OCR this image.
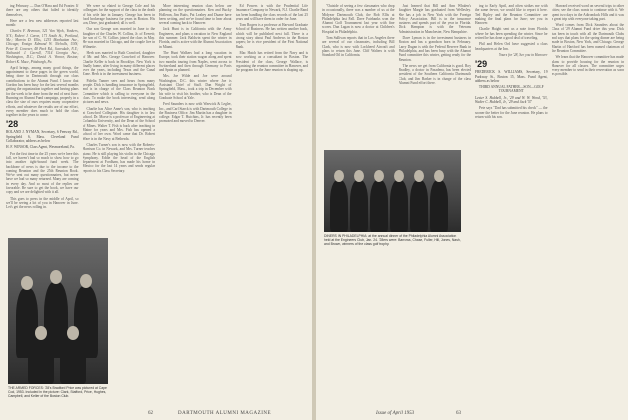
ing February — Dan O'Hara and Ed Frazier. If there are any others that failed to identify themselves,

Here are a few new addresses reported last month:

Charles F. Brennan, 321 Van Wyck, Yonkers, N.Y.; Robert J. Caron, 171 South St., Portland, Me.; Marvin D. Ellis, 1235 Manhattan Ave., Chicago; Ensign Edmund W. Nicholls, USN; Peter R. Conover, 48 Park Rd., Scarsdale, N.Y.; Nathaniel J. Carroll, 7314 Georgia Ave., Washington, D.C.; David A. Vinnor, Boston; Robert K. Mace, Pittsburgh, Pa.

April brings, among many good things, the appointment to these pages in the green world, being done in Dartmouth through our class contributions to the Alumni Fund. I know that Gordon has been busy for the last several months getting the organization together and having plans for the week to be done from the end of next June. Running on Alumni Fund campaign, properly in a class the size of ours requires many cooperative efforts, and whatever the results are of our effort, every member does much to hold the class together in the years to come.

'28
ROLAND J. NYMAN, Secretary, 6 Fenway Rd., Springfield 6, Mass. Cleveland Fund Collaborator, address as below
H. F. WINSOR, Class Agent, Wesmoreland, Pa.

For the first time in the 25 years we're here this fall, we haven't had so much to show how to go into another tight-bound fund week. The backbone of news is due to the income to the coming Reunion and the 25th Reunion Book. We've sent out many questionnaires, but never have we had so many returned. Many are coming in every day. And so most of the replies are favorable. Be sure to get the book, we have our copy and we are delighted with it all.

This goes to press in the middle of April, so we'll be seeing a lot of you in Hanover in June. Let's get the news rolling in.

We were so elated to George Cole and his colleagues for the support of the class in the death of his wife late in January. George has been in food brokerage business for years in Boston. His son, Dave, just graduated; all is well.

Our son George was married in June to the daughter of the Charles W. Collins, Jr. of Everett; the son of C. W. Collins joined the class in May. He was married in Chicago, and the couple live in Wilmette.

Herb was married to Ruth Crawford, daughter of Mr. and Mrs. George Crawford of Hanover. Charlie Keller is back in Brooklyn. New York is finally home, after living in many different places over the years, including Texas and the Canal Zone. Herb is in the investment business.

Fidelia Tanner sees and hears from many people. Dick is handling insurance in Springfield, and is in charge of the Class Reunion Book Committee which is calling to everyone in the class. To make the book interesting, send along pictures and news.

Charlie has Alice Anne's son, who is teaching at Crawford Collegiate. His daughter is in law school. Dr. Morse is a professor of Engineering at Columbia University, and the Dean of the School of Mines. Walter T. Fish is back after teaching in Maine for years and Mrs. Fish has opened a school of her own. Word came that Dr. Robert Ware is in the Navy at Bethesda.

Charles Turner's son is now with the Roberts-Harrison Co. in Newark, and Mrs. Turner teaches piano. He is still playing his violin in the Chicago Symphony. Eddie the head of the English department at Fordham, has made his home in Mexico for the last 14 years and sends regular reports to his Class Secretary.

More interesting reunion class below are planning on the questionnaires. Ken and Bucky Holleran, Jim Butts, Pat Leahey and Duane have been writing, and we've found time to hear about several coming back to Hanover.

Jack Hunt is in California with the Army Engineers, and plans a vacation in New England this summer. Jack Baldwin spent the winter in Florida, and is active with the Alumni Association in Miami.

The Hunt Walkers had a long vacation in Europe, took their station wagon along and spent two months touring from Naples, went across to Switzerland and then through Germany to Paris and Spain as planned.

Mrs. Joe Wilde and Joe were around Washington, D.C. this winter where Joe is Assistant Chief of Staff. Dan Wright of Springfield, Mass., took a trip in December with his wife to visit his brother, who is Dean of the Graduate School at Yale.

Fred Saunders is now with Warwick & Legler, Inc., and Carl Starck is with Dartmouth College in the Business Office. Jim Martin has a daughter in college. Edgar T. Hutchins, Jr. has recently been promoted and moved to Denver.

Ed Powers is with the Prudential Life Insurance Company in Newark, N.J. Charlie Rand has been handling the class records of the last 25 years and will have them in order for June.

Tom Rogers is a professor at Harvard Graduate School of Business. He has written another book, which will be published next fall. There is a strong story about Paul Andrews in the Boston papers; he is vice president of the First National Bank.

Mac Hatch has retired from the Navy and is now working as a consultant in Boston. The President of the class, George Wallace, is organizing the reunion committee in Hanover, and the program for the June reunion is shaping up.

THE ARMED FORCES: '28's Bradford Price was pictured at Cape Cod, 1953. Included in the picture: Clark, Stafford, Price, Hughes, Campbell, and Keller of the Boston Club.
62	DARTMOUTH ALUMNI MAGAZINE

"Outside of seeing a few classmates who drop in occasionally, there was a number of us at the Midyear Dartmouth Club, the Bob Ellis at Philadelphia last Fall. Dave Fairbanks won the Alumni Golf Tournament last year with fine scores. Dan Lagan is now a doctor at Children's Hospital in Philadelphia.

Tom Sullivan reports that in Los Angeles there are several of our classmates, including Bill Clark, who is now with Lockheed Aircraft and plans to return this June. Cliff Walters is with Standard Oil in California.

Just learned that Bill and Ann Whalen's daughter Margie has graduated from Wellesley. She has a job in New York with the Foreign Policy Association. Bill is in the insurance business and spends part of the year in Florida. Dick Hampton is with the Veterans Administration in Manchester, New Hampshire.

Dave Lyman is in the investment business in Boston and has a grandson born in February. Larry Dugan is with the Federal Reserve Bank in Philadelphia, and has been busy with the Alumni Fund committee this winter, getting ready for the Reunion.

The news we get from California is good. Roy Bradley, a doctor in Pasadena, has been elected president of the Southern California Dartmouth Club, and Jim Barker is in charge of the class Alumni Fund effort there.

ing to Early April, and often strikes me with the same fervor, we would like to report it here. Ted Ripley and the Reunion Committee are making the final plans for June; see you in Hanover.

Charlie Haight sent us a note from Florida where he has been spending the winter. Since he retired he has done a good deal of traveling.

Phil and Helen Ord have suggested a class headquarters at the Inn.

Yours for '28, See you in Hanover
'29
FREDERICK S. WILLIAMS, Secretary, 19 Parkway St., Boston 15, Mass. Fund Agent, address as below
THIRD ANNUAL FATHER—SON—GOLF TOURNAMENT
Lester S. Hubbell, Jr., '29 and W. W. Wood, '53, Walter C. Hubbell, Jr., '29 and Jack '57

Pete says "Dad has submitted his check" — the sooner the better for the June reunion. He plans to return with his son.

Harvard received word on several trips to other cities; see the class wants to continue with it. We spent two days in the Adirondack Hills and it was a great trip with everyone taking part.

Word comes from Dick Saunders about the Class of '29 Alumni Fund drive this year. Dick has been in touch with all the Dartmouth Clubs and says that plans for the spring dinner are being made in Boston, New York, and Chicago. George Martin of Hartford has been named chairman of the Reunion Committee.

We learn that the Hanover committee has made plans to provide housing for the reunion in Hanover for all classes. The committee urges every member to send in their reservation as soon as possible.

DINERS IN PHILADELPHIA: at the annual dinner of the Philadelphia Alumni Association held at the Engineers Club, Jan. 24. '28ers were: Barrows, Chase, Fuller, Hill, Jones, Nash, and Brown, winners of the class golf trophy.
Issue of April 1953	63
